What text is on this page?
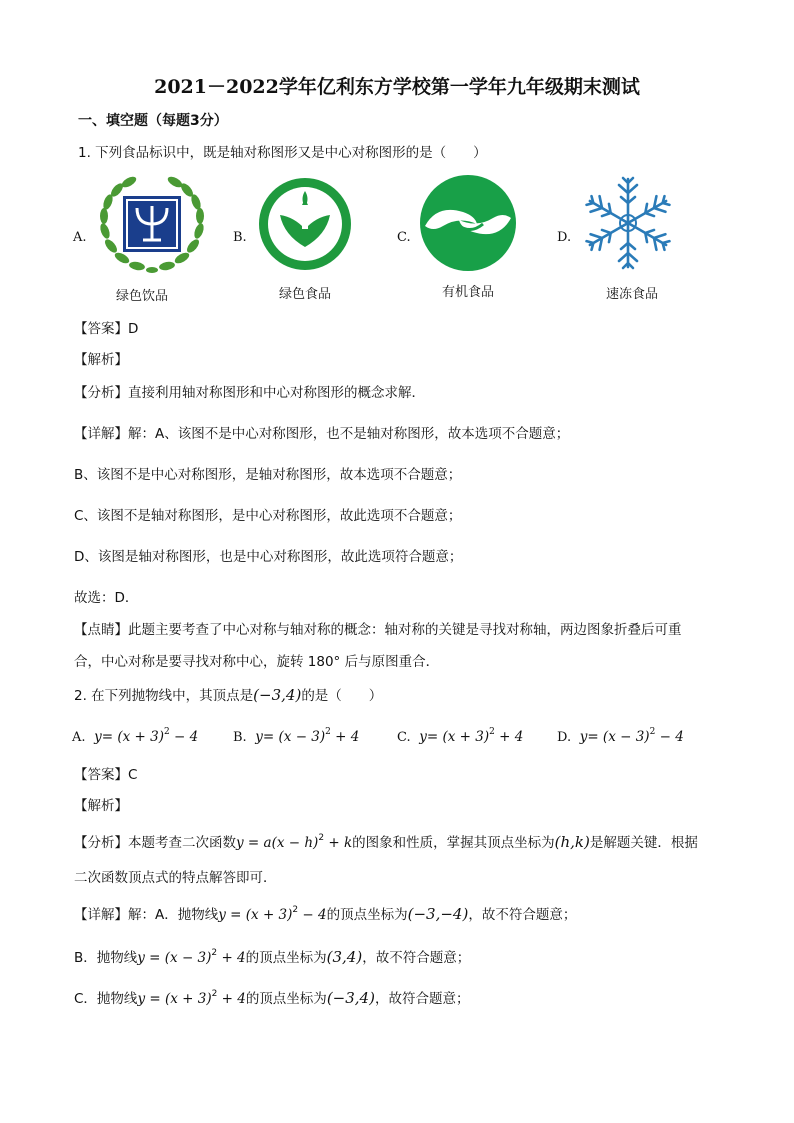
2021－2022学年亿利东方学校第一学年九年级期末测试
一、填空题（每题3分）
1. 下列食品标识中，既是轴对称图形又是中心对称图形的是（　　）
A.	B.	C.	D.
绿色饮品	绿色食品	有机食品	速冻食品
【答案】D
【解析】
【分析】直接利用轴对称图形和中心对称图形的概念求解．
【详解】解：A、该图不是中心对称图形，也不是轴对称图形，故本选项不合题意；
B、该图不是中心对称图形，是轴对称图形，故本选项不合题意；
C、该图不是轴对称图形，是中心对称图形，故此选项不合题意；
D、该图是轴对称图形，也是中心对称图形，故此选项符合题意；
故选：D．
【点睛】此题主要考查了中心对称与轴对称的概念：轴对称的关键是寻找对称轴，两边图象折叠后可重
合，中心对称是要寻找对称中心，旋转 180° 后与原图重合．
2. 在下列抛物线中，其顶点是(−3,4)的是（　　）
A. $y= (x + 3)^2 - 4$	B. $y= (x - 3)^2 + 4$	C. $y= (x + 3)^2 + 4$	D. $y= (x - 3)^2 - 4$
【答案】C
【解析】
【分析】本题考查二次函数$y = a(x - h)^2 + k$的图象和性质，掌握其顶点坐标为(h,k)是解题关键．根据
二次函数顶点式的特点解答即可．
【详解】解：A．抛物线$y = (x + 3)^2 - 4$的顶点坐标为(−3,−4)，故不符合题意；
B．抛物线$y = (x - 3)^2 + 4$的顶点坐标为(3,4)，故不符合题意；
C．抛物线$y = (x + 3)^2 + 4$的顶点坐标为(−3,4)，故符合题意；
